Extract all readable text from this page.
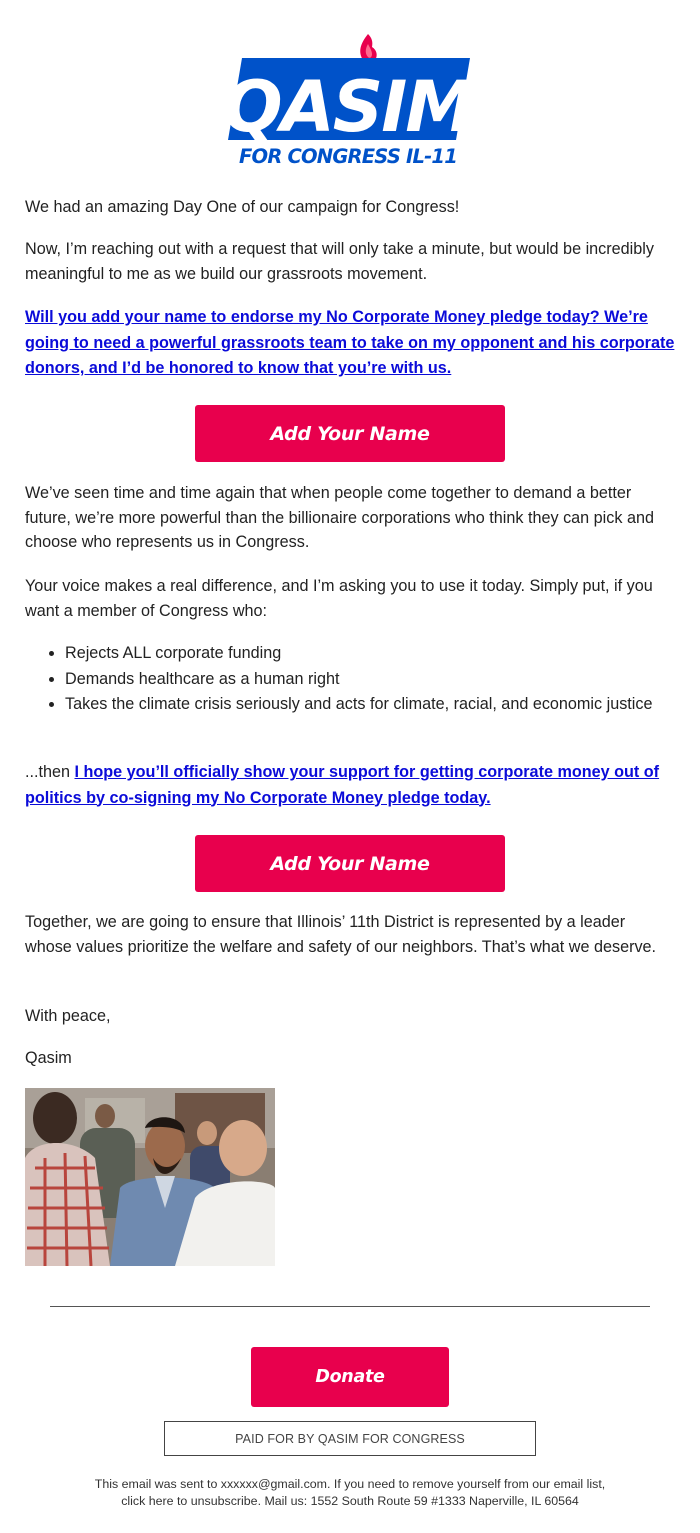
QASIM
FOR CONGRESS IL-11

We had an amazing Day One of our campaign for Congress!

Now, I’m reaching out with a request that will only take a minute, but would be incredibly meaningful to me as we build our grassroots movement.

Will you add your name to endorse my No Corporate Money pledge today? We’re going to need a powerful grassroots team to take on my opponent and his corporate donors, and I’d be honored to know that you’re with us.

Add Your Name

We’ve seen time and time again that when people come together to demand a better future, we’re more powerful than the billionaire corporations who think they can pick and choose who represents us in Congress.

Your voice makes a real difference, and I’m asking you to use it today. Simply put, if you want a member of Congress who:

• Rejects ALL corporate funding
• Demands healthcare as a human right
• Takes the climate crisis seriously and acts for climate, racial, and economic justice

...then I hope you’ll officially show your support for getting corporate money out of politics by co-signing my No Corporate Money pledge today.

Add Your Name

Together, we are going to ensure that Illinois’ 11th District is represented by a leader whose values prioritize the welfare and safety of our neighbors. That’s what we deserve.

With peace,

Qasim

Donate
PAID FOR BY QASIM FOR CONGRESS
This email was sent to xxxxxx@gmail.com. If you need to remove yourself from our email list,
click here to unsubscribe. Mail us: 1552 South Route 59 #1333 Naperville, IL 60564
